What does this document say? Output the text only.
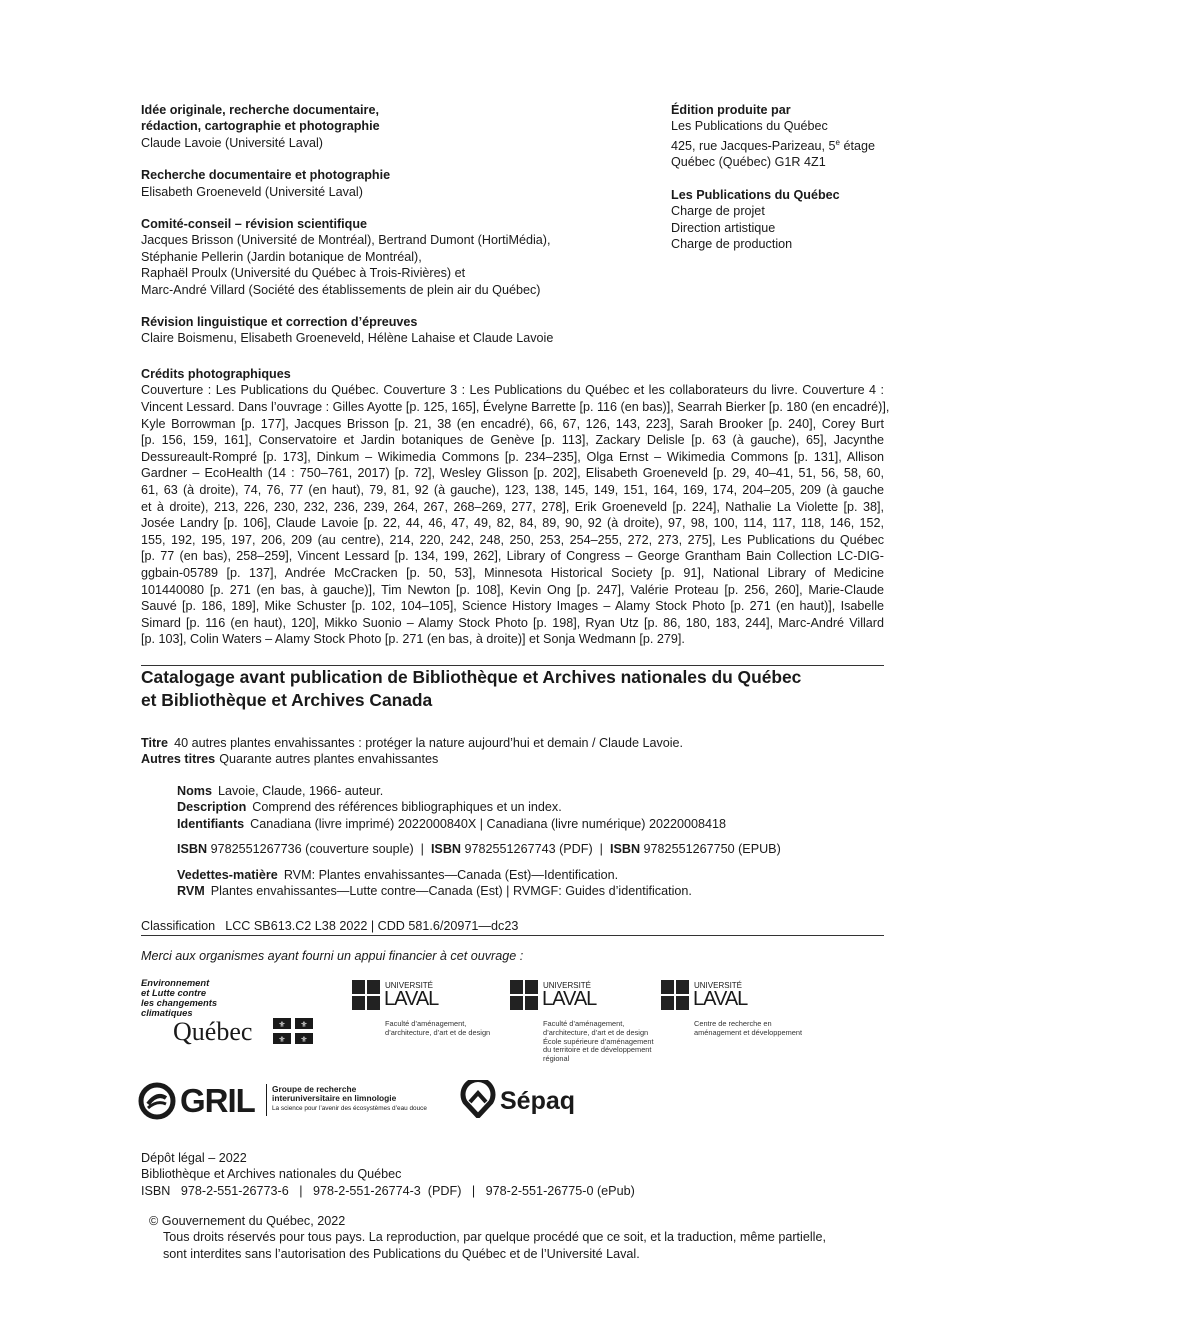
Idée originale, recherche documentaire,
rédaction, cartographie et photographie
Claude Lavoie (Université Laval)
Recherche documentaire et photographie
Elisabeth Groeneveld (Université Laval)
Comité-conseil – révision scientifique
Jacques Brisson (Université de Montréal), Bertrand Dumont (HortiMédia),
Stéphanie Pellerin (Jardin botanique de Montréal),
Raphaël Proulx (Université du Québec à Trois-Rivières) et
Marc-André Villard (Société des établissements de plein air du Québec)
Révision linguistique et correction d’épreuves
Claire Boismenu, Elisabeth Groeneveld, Hélène Lahaise et Claude Lavoie
Édition produite par
Les Publications du Québec
425, rue Jacques-Parizeau, 5e étage
Québec (Québec) G1R 4Z1
Les Publications du Québec
Charge de projet
Direction artistique
Charge de production
Crédits photographiques
Couverture : Les Publications du Québec. Couverture 3 : Les Publications du Québec et les collaborateurs du livre. Couverture 4 :
Vincent Lessard. Dans l’ouvrage : Gilles Ayotte [p. 125, 165], Évelyne Barrette [p. 116 (en bas)], Searrah Bierker [p. 180 (en encadré)],
Kyle Borrowman [p. 177], Jacques Brisson [p. 21, 38 (en encadré), 66, 67, 126, 143, 223], Sarah Brooker [p. 240], Corey Burt
[p. 156, 159, 161], Conservatoire et Jardin botaniques de Genève [p. 113], Zackary Delisle [p. 63 (à gauche), 65], Jacynthe
Dessureault-Rompré [p. 173], Dinkum – Wikimedia Commons [p. 234–235], Olga Ernst – Wikimedia Commons [p. 131], Allison
Gardner – EcoHealth (14 : 750–761, 2017) [p. 72], Wesley Glisson [p. 202], Elisabeth Groeneveld [p. 29, 40–41, 51, 56, 58, 60,
61, 63 (à droite), 74, 76, 77 (en haut), 79, 81, 92 (à gauche), 123, 138, 145, 149, 151, 164, 169, 174, 204–205, 209 (à gauche
et à droite), 213, 226, 230, 232, 236, 239, 264, 267, 268–269, 277, 278], Erik Groeneveld [p. 224], Nathalie La Violette [p. 38],
Josée Landry [p. 106], Claude Lavoie [p. 22, 44, 46, 47, 49, 82, 84, 89, 90, 92 (à droite), 97, 98, 100, 114, 117, 118, 146, 152,
155, 192, 195, 197, 206, 209 (au centre), 214, 220, 242, 248, 250, 253, 254–255, 272, 273, 275], Les Publications du Québec
[p. 77 (en bas), 258–259], Vincent Lessard [p. 134, 199, 262], Library of Congress – George Grantham Bain Collection LC-DIG-
ggbain-05789 [p. 137], Andrée McCracken [p. 50, 53], Minnesota Historical Society [p. 91], National Library of Medicine
101440080 [p. 271 (en bas, à gauche)], Tim Newton [p. 108], Kevin Ong [p. 247], Valérie Proteau [p. 256, 260], Marie-Claude
Sauvé [p. 186, 189], Mike Schuster [p. 102, 104–105], Science History Images – Alamy Stock Photo [p. 271 (en haut)], Isabelle
Simard [p. 116 (en haut), 120], Mikko Suonio – Alamy Stock Photo [p. 198], Ryan Utz [p. 86, 180, 183, 244], Marc-André Villard
[p. 103], Colin Waters – Alamy Stock Photo [p. 271 (en bas, à droite)] et Sonja Wedmann [p. 279].
Catalogage avant publication de Bibliothèque et Archives nationales du Québec
et Bibliothèque et Archives Canada
Titre 40 autres plantes envahissantes : protéger la nature aujourd’hui et demain / Claude Lavoie.
Autres titres Quarante autres plantes envahissantes
Noms Lavoie, Claude, 1966- auteur.
Description Comprend des références bibliographiques et un index.
Identifiants Canadiana (livre imprimé) 2022000840X | Canadiana (livre numérique) 20220008418
ISBN 9782551267736 (couverture souple) | ISBN 9782551267743 (PDF) | ISBN 9782551267750 (EPUB)
Vedettes-matière RVM: Plantes envahissantes—Canada (Est)—Identification.
RVM Plantes envahissantes—Lutte contre—Canada (Est) | RVMGF: Guides d’identification.
Classification LCC SB613.C2 L38 2022 | CDD 581.6/20971—dc23
Merci aux organismes ayant fourni un appui financier à cet ouvrage :
Environnement
et Lutte contre
les changements
climatiques
Québec	⚜ ⚜
⚜ ⚜
UNIVERSITÉ
LAVAL
Faculté d’aménagement,
d’architecture, d’art et de design
UNIVERSITÉ
LAVAL
Faculté d’aménagement,
d’architecture, d’art et de design
École supérieure d’aménagement
du territoire et de développement
régional
UNIVERSITÉ
LAVAL
Centre de recherche en
aménagement et développement
GRIL Groupe de recherche
interuniversitaire en limnologie
La science pour l’avenir des écosystèmes d’eau douce	Sépaq
Dépôt légal – 2022
Bibliothèque et Archives nationales du Québec
ISBN   978-2-551-26773-6   |   978-2-551-26774-3  (PDF)   |   978-2-551-26775-0 (ePub)
© Gouvernement du Québec, 2022
Tous droits réservés pour tous pays. La reproduction, par quelque procédé que ce soit, et la traduction, même partielle,
sont interdites sans l’autorisation des Publications du Québec et de l’Université Laval.
